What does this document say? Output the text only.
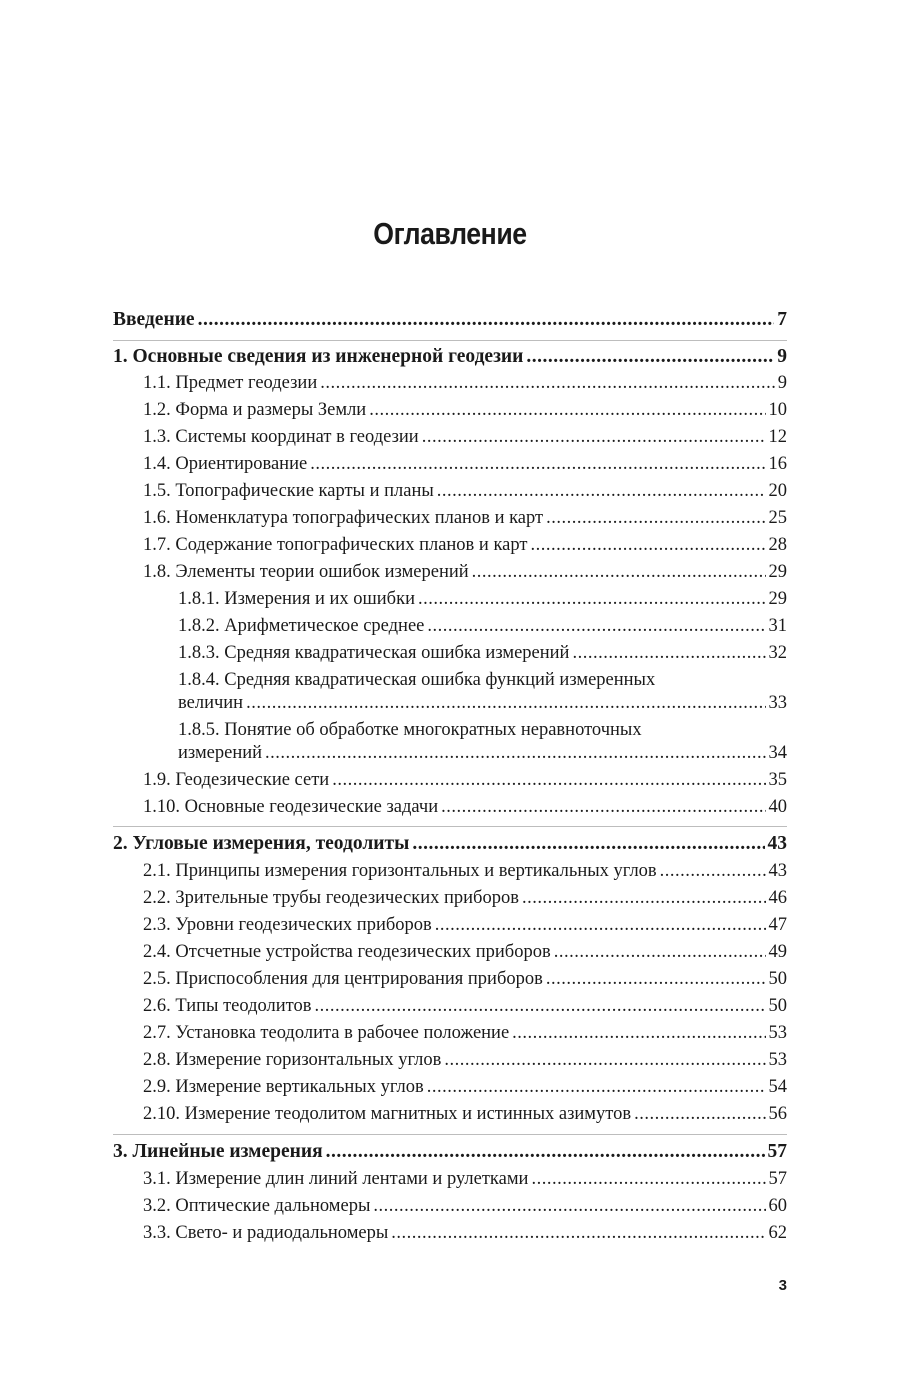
Оглавление
Введение .....	7
1. Основные сведения из инженерной геодезии .....	9
1.1. Предмет геодезии .....	9
1.2. Форма и размеры Земли .....	10
1.3. Системы координат в геодезии .....	12
1.4. Ориентирование .....	16
1.5. Топографические карты и планы .....	20
1.6. Номенклатура топографических планов и карт .....	25
1.7. Содержание топографических планов и карт .....	28
1.8. Элементы теории ошибок измерений .....	29
1.8.1. Измерения и их ошибки .....	29
1.8.2. Арифметическое среднее .....	31
1.8.3. Средняя квадратическая ошибка измерений .....	32
1.8.4. Средняя квадратическая ошибка функций измеренных
величин .....	33
1.8.5. Понятие об обработке многократных неравноточных
измерений .....	34
1.9. Геодезические сети .....	35
1.10. Основные геодезические задачи .....	40
2. Угловые измерения, теодолиты .....	43
2.1. Принципы измерения горизонтальных и вертикальных углов .....	43
2.2. Зрительные трубы геодезических приборов .....	46
2.3. Уровни геодезических приборов .....	47
2.4. Отсчетные устройства геодезических приборов .....	49
2.5. Приспособления для центрирования приборов .....	50
2.6. Типы теодолитов .....	50
2.7. Установка теодолита в рабочее положение .....	53
2.8. Измерение горизонтальных углов .....	53
2.9. Измерение вертикальных углов .....	54
2.10. Измерение теодолитом магнитных и истинных азимутов .....	56
3. Линейные измерения .....	57
3.1. Измерение длин линий лентами и рулетками .....	57
3.2. Оптические дальномеры .....	60
3.3. Свето- и радиодальномеры .....	62
3
